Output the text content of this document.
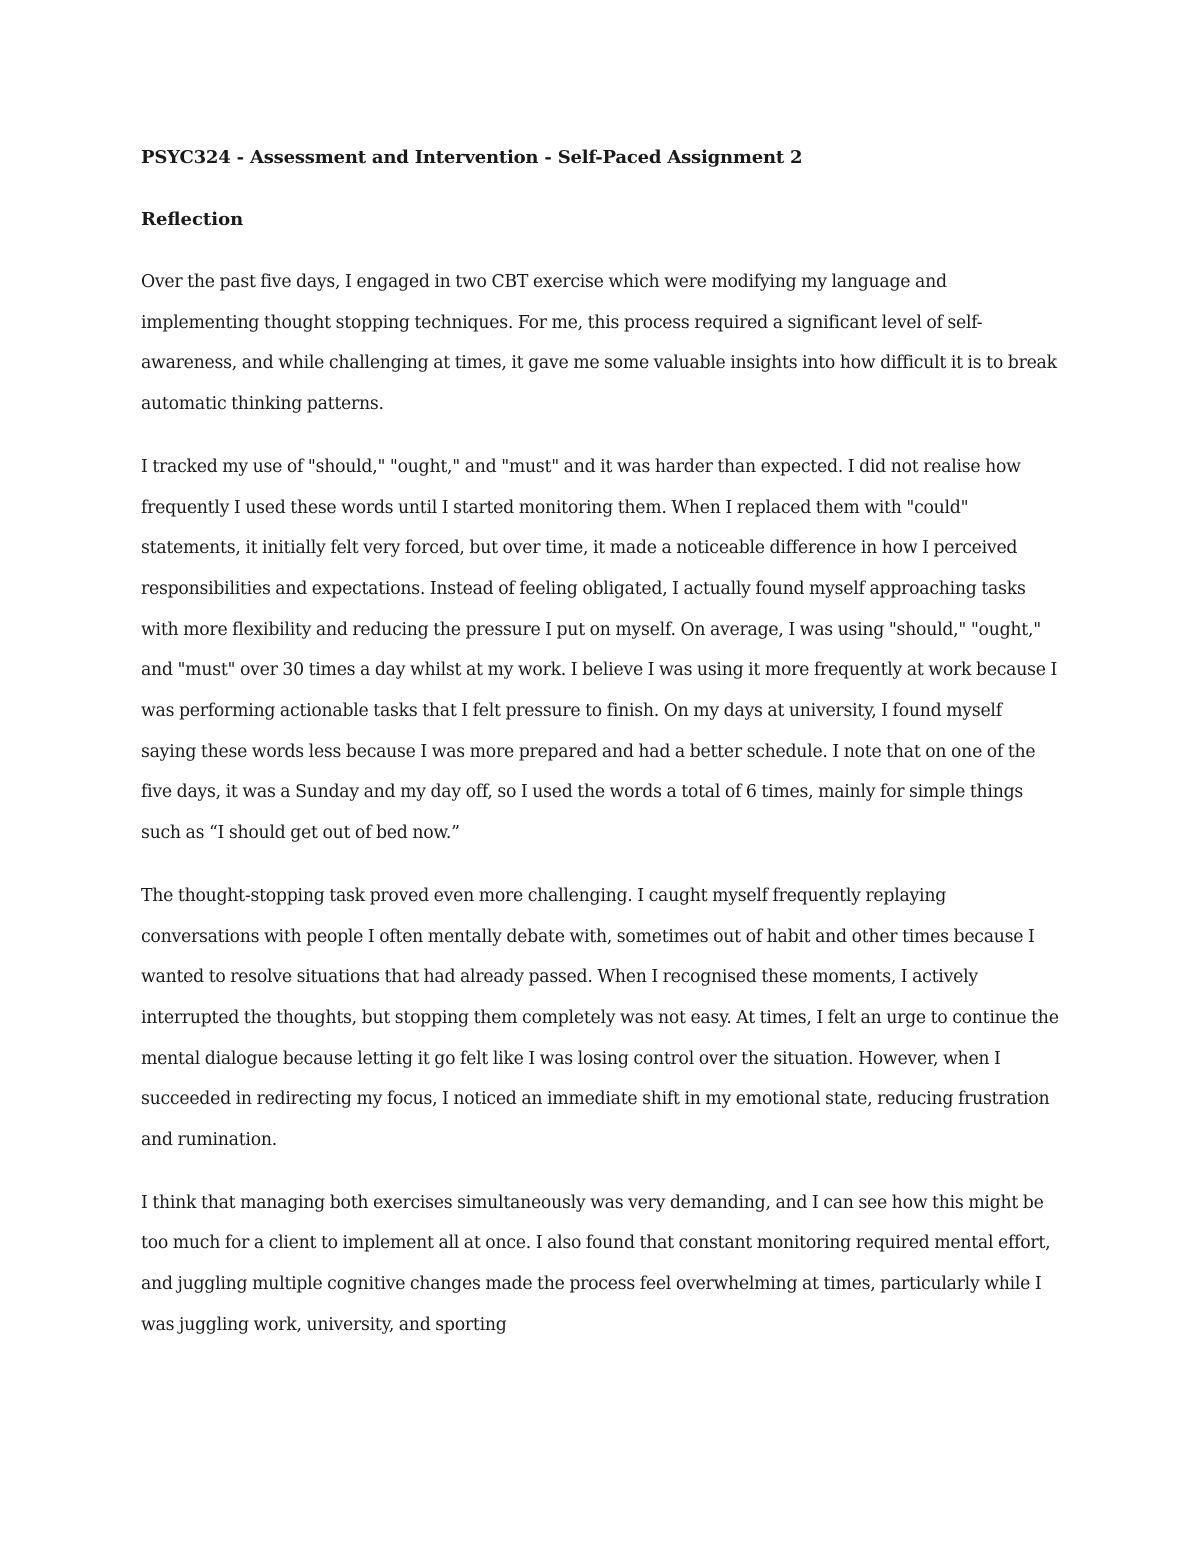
PSYC324 - Assessment and Intervention - Self-Paced Assignment 2

Reflection

Over the past five days, I engaged in two CBT exercise which were modifying my language and implementing thought stopping techniques. For me, this process required a significant level of self-awareness, and while challenging at times, it gave me some valuable insights into how difficult it is to break automatic thinking patterns.

I tracked my use of "should," "ought," and "must" and it was harder than expected. I did not realise how frequently I used these words until I started monitoring them. When I replaced them with "could" statements, it initially felt very forced, but over time, it made a noticeable difference in how I perceived responsibilities and expectations. Instead of feeling obligated, I actually found myself approaching tasks with more flexibility and reducing the pressure I put on myself. On average, I was using "should," "ought," and "must" over 30 times a day whilst at my work. I believe I was using it more frequently at work because I was performing actionable tasks that I felt pressure to finish. On my days at university, I found myself saying these words less because I was more prepared and had a better schedule. I note that on one of the five days, it was a Sunday and my day off, so I used the words a total of 6 times, mainly for simple things such as “I should get out of bed now.”

The thought-stopping task proved even more challenging. I caught myself frequently replaying conversations with people I often mentally debate with, sometimes out of habit and other times because I wanted to resolve situations that had already passed. When I recognised these moments, I actively interrupted the thoughts, but stopping them completely was not easy. At times, I felt an urge to continue the mental dialogue because letting it go felt like I was losing control over the situation. However, when I succeeded in redirecting my focus, I noticed an immediate shift in my emotional state, reducing frustration and rumination.

I think that managing both exercises simultaneously was very demanding, and I can see how this might be too much for a client to implement all at once. I also found that constant monitoring required mental effort, and juggling multiple cognitive changes made the process feel overwhelming at times, particularly while I was juggling work, university, and sporting
